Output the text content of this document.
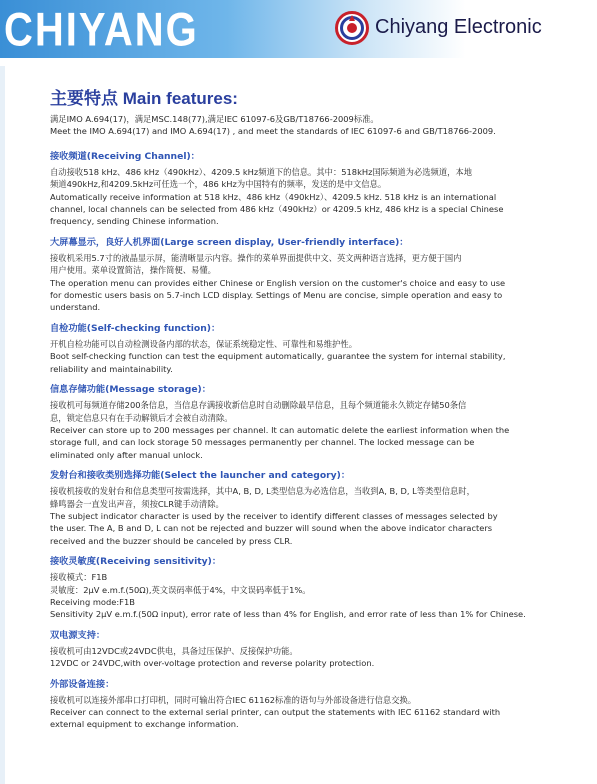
CHIYANG	Chiyang Electronic
主要特点 Main features:

满足IMO A.694(17)，满足MSC.148(77),满足IEC 61097-6及GB/T18766-2009标准。

Meet the IMO A.694(17) and IMO A.694(17) , and meet the standards of IEC 61097-6 and GB/T18766-2009.

接收频道(Receiving Channel)：

自动接收518 kHz、486 kHz（490kHz）、4209.5 kHz频道下的信息。其中：518kHz国际频道为必选频道，本地

频道490kHz,和4209.5kHz可任选一个，486 kHz为中国特有的频率，发送的是中文信息。

Automatically receive information at 518 kHz、486 kHz（490kHz）、4209.5 kHz. 518 kHz is an international

channel, local channels can be selected from 486 kHz（490kHz）or 4209.5 kHz, 486 kHz is a special Chinese

frequency, sending Chinese information.

大屏幕显示，良好人机界面(Large screen display, User-friendly interface)：

接收机采用5.7寸的液晶显示屏，能清晰显示内容。操作的菜单界面提供中文、英文两种语言选择，更方便于国内

用户使用。菜单设置简洁，操作简便、易懂。

The operation menu can provides either Chinese or English version on the customer's choice and easy to use

for domestic users basis on 5.7-inch LCD display. Settings of Menu are concise, simple operation and easy to

understand.

自检功能(Self-checking function)：

开机自检功能可以自动检测设备内部的状态，保证系统稳定性、可靠性和易维护性。

Boot self-checking function can test the equipment automatically, guarantee the system for internal stability,

reliability and maintainability.

信息存储功能(Message storage)：

接收机可每频道存储200条信息，当信息存满接收新信息时自动删除最早信息，且每个频道能永久锁定存储50条信

息，锁定信息只有在手动解锁后才会被自动清除。

Receiver can store up to 200 messages per channel. It can automatic delete the earliest information when the

storage full, and can lock storage 50 messages permanently per channel. The locked message can be

eliminated only after manual unlock.

发射台和接收类别选择功能(Select the launcher and category)：

接收机接收的发射台和信息类型可按需选择，其中A, B, D, L类型信息为必选信息，当收到A, B, D, L等类型信息时，

蜂鸣器会一直发出声音，须按CLR键手动清除。

The subject indicator character is used by the receiver to identify different classes of messages selected by

the user. The A, B and D, L can not be rejected and buzzer will sound when the above indicator characters

received and the buzzer should be canceled by press CLR.

接收灵敏度(Receiving sensitivity)：

接收模式：F1B

灵敏度：2μV e.m.f.(50Ω),英文误码率低于4%，中文误码率低于1%。

Receiving mode:F1B

Sensitivity 2μV e.m.f.(50Ω input), error rate of less than 4% for English, and error rate of less than 1% for Chinese.

双电源支持：

接收机可由12VDC或24VDC供电，具备过压保护、反接保护功能。

12VDC or 24VDC,with over-voltage protection and reverse polarity protection.

外部设备连接：

接收机可以连接外部串口打印机，同时可输出符合IEC 61162标准的语句与外部设备进行信息交换。

Receiver can connect to the external serial printer, can output the statements with IEC 61162 standard with

external equipment to exchange information.
